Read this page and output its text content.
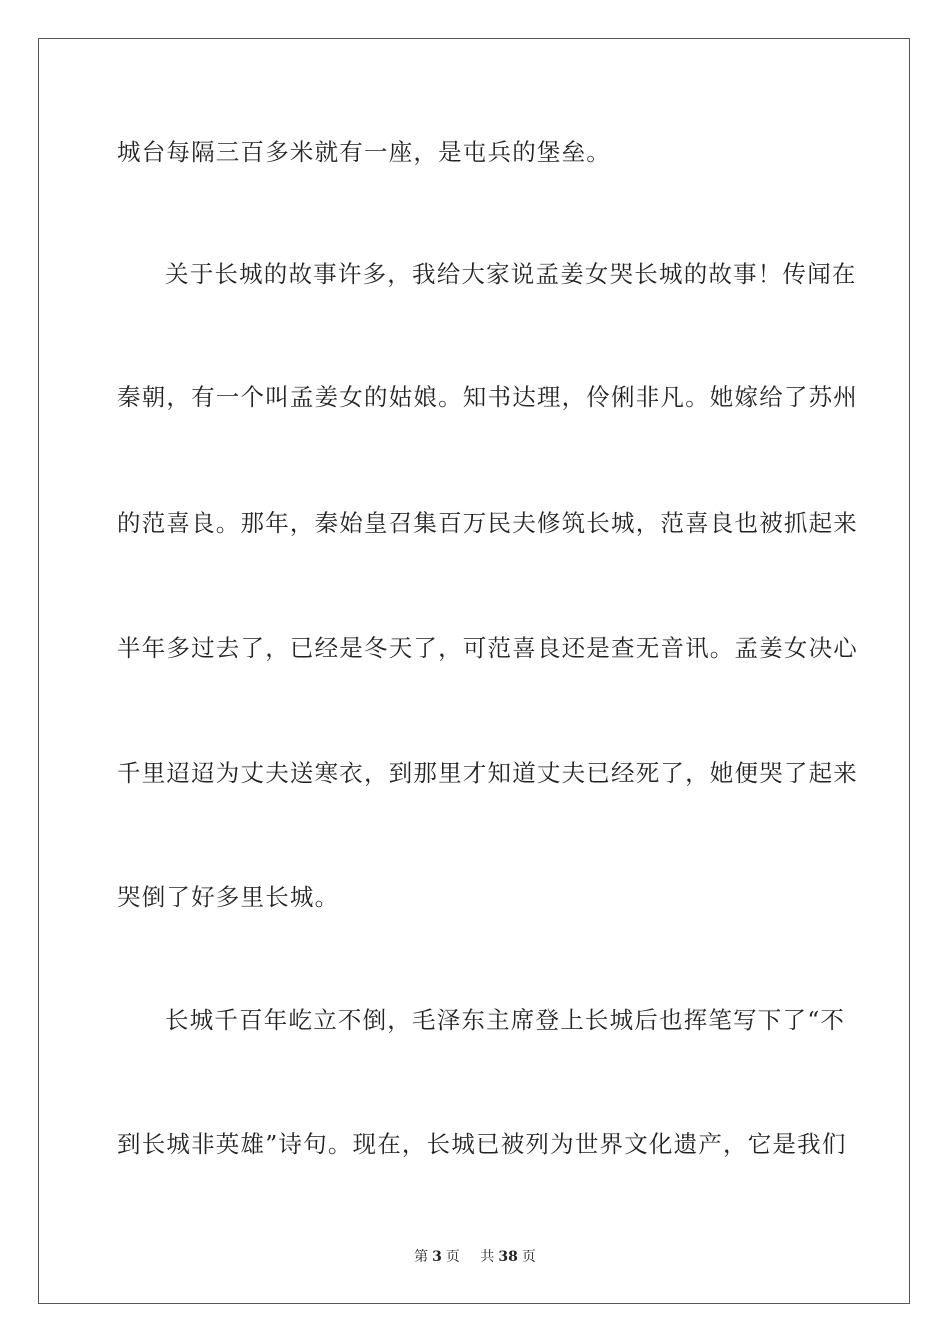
城台每隔三百多米就有一座，是屯兵的堡垒。
关于长城的故事许多，我给大家说孟姜女哭长城的故事！传闻在
秦朝，有一个叫孟姜女的姑娘。知书达理，伶俐非凡。她嫁给了苏州
的范喜良。那年，秦始皇召集百万民夫修筑长城，范喜良也被抓起来
半年多过去了，已经是冬天了，可范喜良还是查无音讯。孟姜女决心
千里迢迢为丈夫送寒衣，到那里才知道丈夫已经死了，她便哭了起来
哭倒了好多里长城。
长城千百年屹立不倒，毛泽东主席登上长城后也挥笔写下了“不
到长城非英雄”诗句。现在，长城已被列为世界文化遗产，它是我们
第 3 页 共 38 页
